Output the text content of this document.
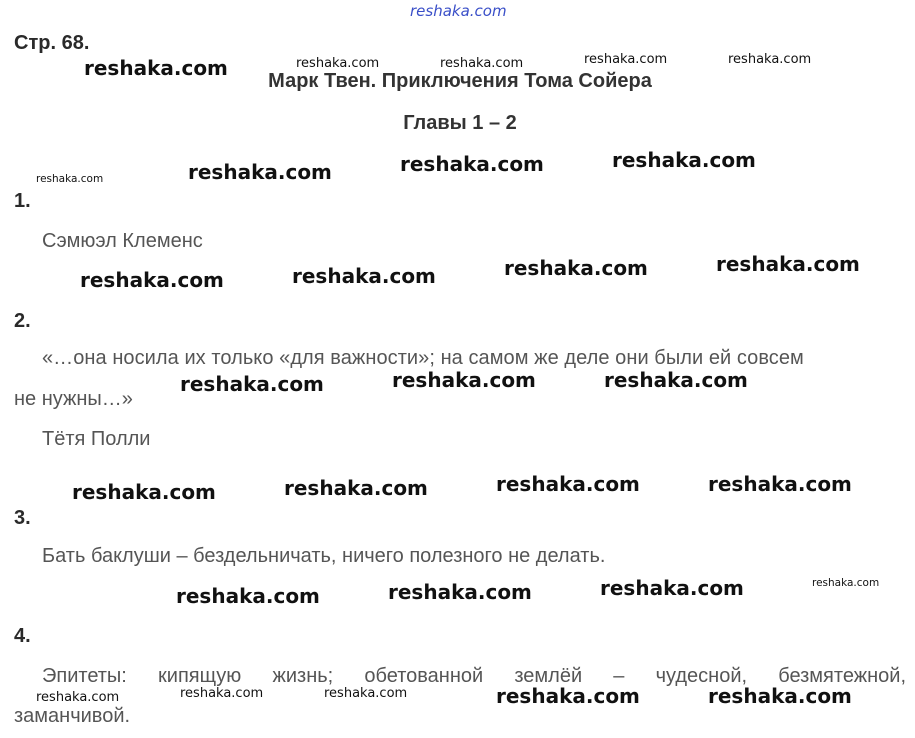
reshaka.com
Стр. 68.
Марк Твен. Приключения Тома Сойера
Главы 1 – 2
1.
Сэмюэл Клеменс
2.
«…она носила их только «для важности»; на самом же деле они были ей совсем
не нужны…»
Тётя Полли
3.
Бать баклуши – бездельничать, ничего полезного не делать.
4.
Эпитеты: кипящую жизнь; обетованной землёй – чудесной, безмятежной,
заманчивой.
reshaka.com	reshaka.com	reshaka.com	reshaka.com	reshaka.com
reshaka.com	reshaka.com	reshaka.com	reshaka.com
reshaka.com	reshaka.com	reshaka.com	reshaka.com
reshaka.com	reshaka.com	reshaka.com
reshaka.com	reshaka.com	reshaka.com	reshaka.com
reshaka.com	reshaka.com	reshaka.com	reshaka.com
reshaka.com	reshaka.com	reshaka.com	reshaka.com	reshaka.com
